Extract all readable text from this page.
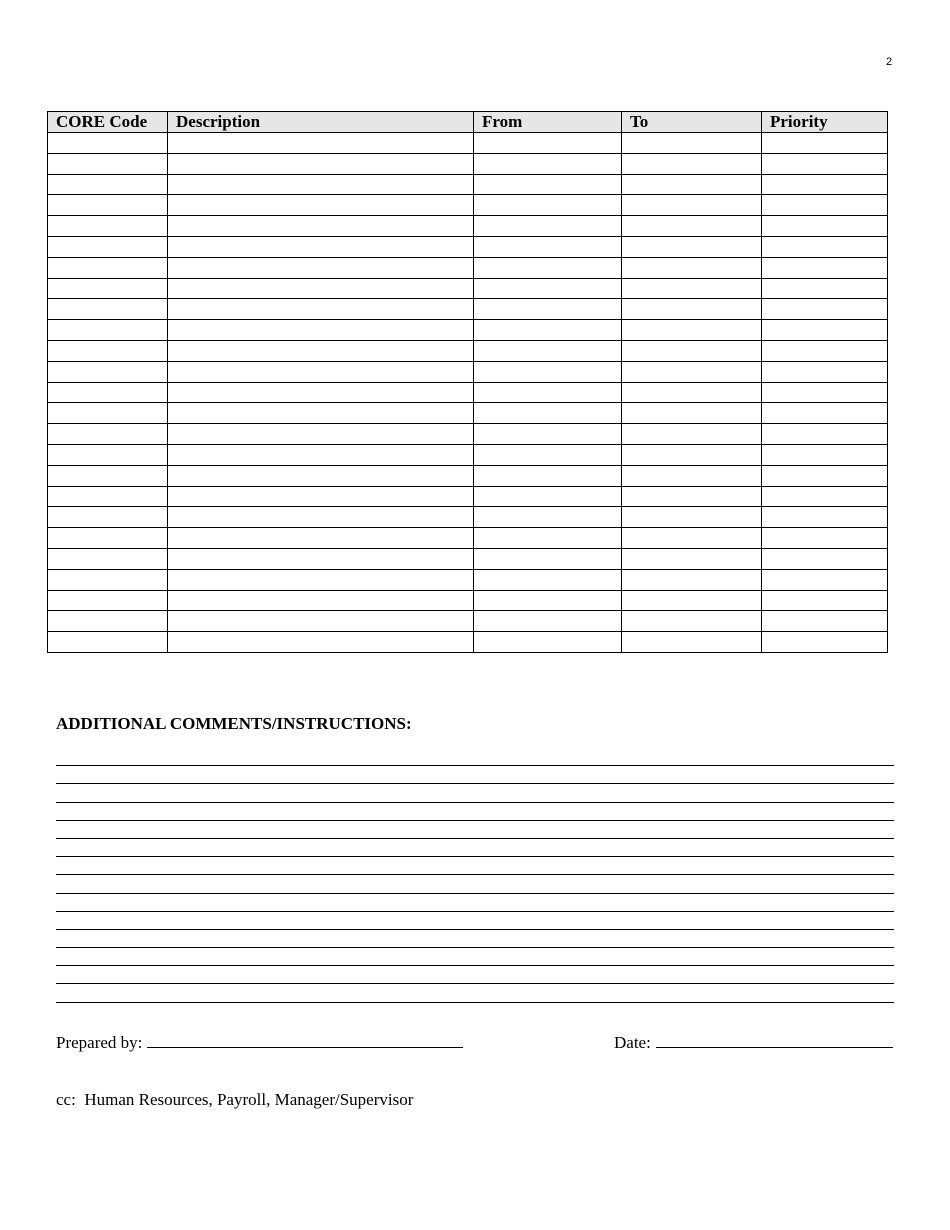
2
CORE Code	Description	From	To	Priority

ADDITIONAL COMMENTS/INSTRUCTIONS:
Prepared by:	Date:
cc:  Human Resources, Payroll, Manager/Supervisor
